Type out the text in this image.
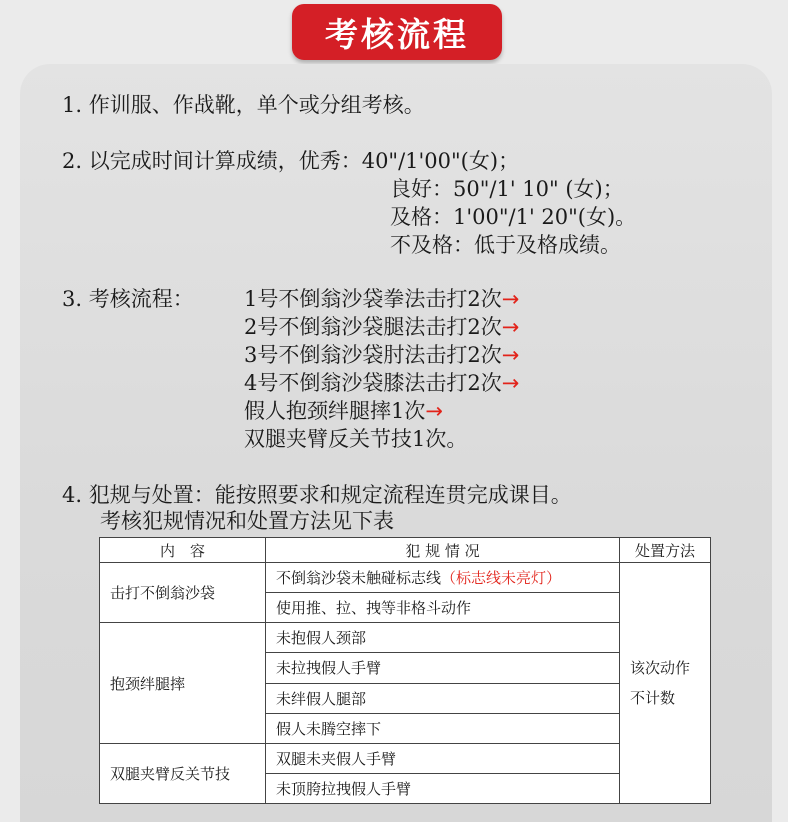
考核流程
1. 作训服、作战靴，单个或分组考核。
2. 以完成时间计算成绩，优秀：40"/1'00"(女)；
良好：50"/1' 10" (女)；
及格：1'00"/1' 20"(女)。
不及格：低于及格成绩。
3. 考核流程： 1号不倒翁沙袋拳法击打2次→
2号不倒翁沙袋腿法击打2次→
3号不倒翁沙袋肘法击打2次→
4号不倒翁沙袋膝法击打2次→
假人抱颈绊腿摔1次→
双腿夹臂反关节技1次。
4. 犯规与处置：能按照要求和规定流程连贯完成课目。
考核犯规情况和处置方法见下表
内　容	犯 规 情 况	处置方法
击打不倒翁沙袋	不倒翁沙袋未触碰标志线（标志线未亮灯）	该次动作
不计数

	使用推、拉、拽等非格斗动作	
抱颈绊腿摔	未抱假人颈部	
	未拉拽假人手臂	
	未绊假人腿部	
	假人未腾空摔下	
双腿夹臂反关节技	双腿未夹假人手臂	
	未顶胯拉拽假人手臂	
